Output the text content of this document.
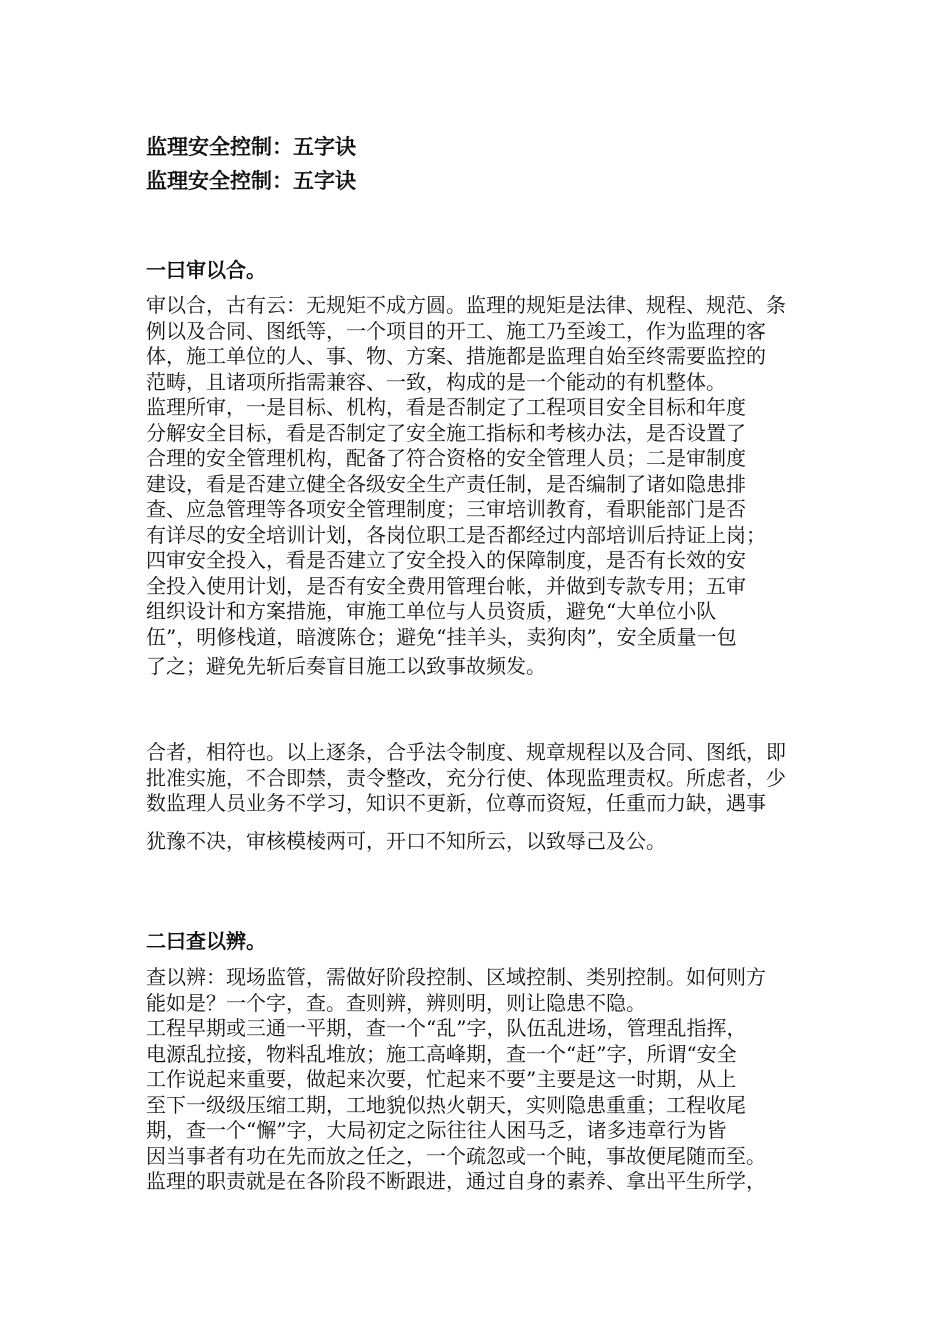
监理安全控制：五字诀
监理安全控制：五字诀
一曰审以合。
审以合，古有云：无规矩不成方圆。监理的规矩是法律、规程、规范、条
例以及合同、图纸等，一个项目的开工、施工乃至竣工，作为监理的客
体，施工单位的人、事、物、方案、措施都是监理自始至终需要监控的
范畴，且诸项所指需兼容、一致，构成的是一个能动的有机整体。
监理所审，一是目标、机构，看是否制定了工程项目安全目标和年度
分解安全目标，看是否制定了安全施工指标和考核办法，是否设置了
合理的安全管理机构，配备了符合资格的安全管理人员；二是审制度
建设，看是否建立健全各级安全生产责任制，是否编制了诸如隐患排
查、应急管理等各项安全管理制度；三审培训教育，看职能部门是否
有详尽的安全培训计划，各岗位职工是否都经过内部培训后持证上岗；
四审安全投入，看是否建立了安全投入的保障制度，是否有长效的安
全投入使用计划，是否有安全费用管理台帐，并做到专款专用；五审
组织设计和方案措施，审施工单位与人员资质，避免“大单位小队
伍”，明修栈道，暗渡陈仓；避免“挂羊头，卖狗肉”，安全质量一包
了之；避免先斩后奏盲目施工以致事故频发。
合者，相符也。以上逐条，合乎法令制度、规章规程以及合同、图纸，即
批准实施，不合即禁，责令整改，充分行使、体现监理责权。所虑者，少
数监理人员业务不学习，知识不更新，位尊而资短，任重而力缺，遇事
犹豫不决，审核模棱两可，开口不知所云，以致辱己及公。
二曰查以辨。
查以辨：现场监管，需做好阶段控制、区域控制、类别控制。如何则方
能如是？一个字，查。查则辨，辨则明，则让隐患不隐。
工程早期或三通一平期，查一个“乱”字，队伍乱进场，管理乱指挥，
电源乱拉接，物料乱堆放；施工高峰期，查一个“赶”字，所谓“安全
工作说起来重要，做起来次要，忙起来不要”主要是这一时期，从上
至下一级级压缩工期，工地貌似热火朝天，实则隐患重重；工程收尾
期，查一个“懈”字，大局初定之际往往人困马乏，诸多违章行为皆
因当事者有功在先而放之任之，一个疏忽或一个盹，事故便尾随而至。
监理的职责就是在各阶段不断跟进，通过自身的素养、拿出平生所学，
